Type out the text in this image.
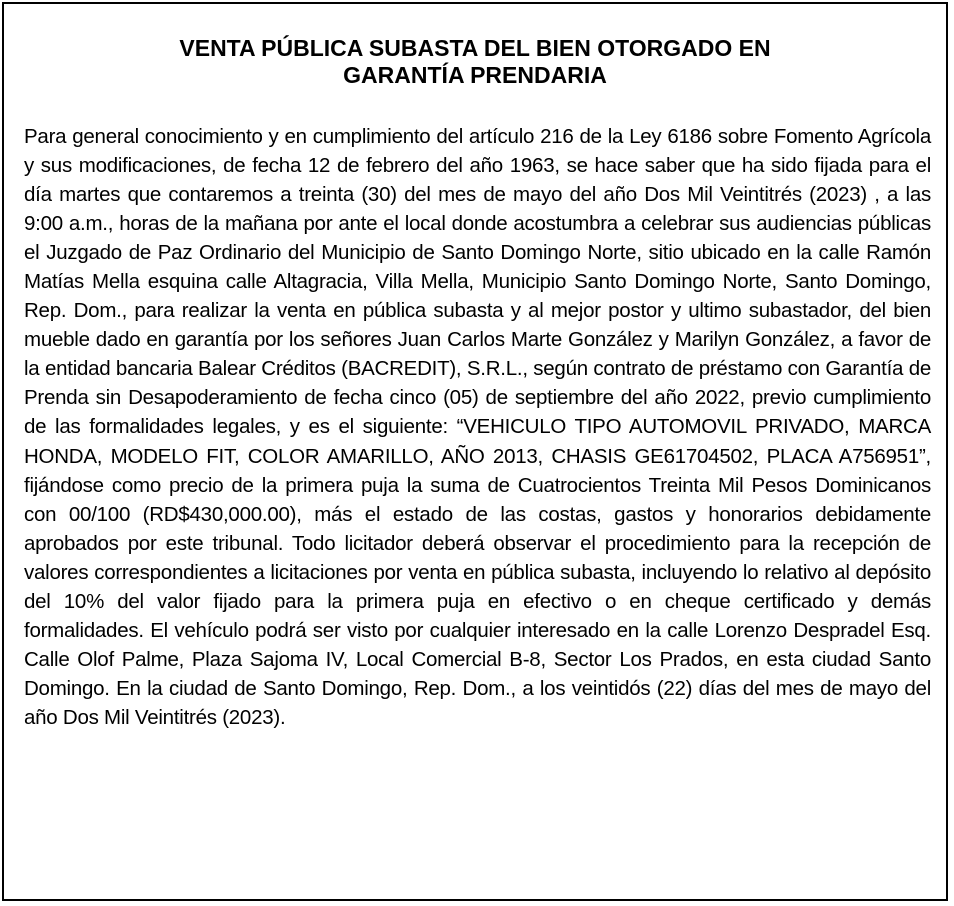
VENTA PÚBLICA SUBASTA DEL BIEN OTORGADO EN
GARANTÍA PRENDARIA

Para general conocimiento y en cumplimiento del artículo 216 de la Ley 6186 sobre Fomento Agrícola y sus modificaciones, de fecha 12 de febrero del año 1963, se hace saber que ha sido fijada para el día martes que contaremos a treinta (30) del mes de mayo del año Dos Mil Veintitrés (2023) , a las 9:00 a.m., horas de la mañana por ante el local donde acostumbra a celebrar sus audiencias públicas el Juzgado de Paz Ordinario del Municipio de Santo Domingo Norte, sitio ubicado en la calle Ramón Matías Mella esquina calle Altagracia, Villa Mella, Municipio Santo Domingo Norte, Santo Domingo, Rep. Dom., para realizar la venta en pública subasta y al mejor postor y ultimo subastador, del bien mueble dado en garantía por los señores Juan Carlos Marte González y Marilyn González, a favor de la entidad bancaria Balear Créditos (BACREDIT), S.R.L., según contrato de préstamo con Garantía de Prenda sin Desapoderamiento de fecha cinco (05) de septiembre del año 2022, previo cumplimiento de las formalidades legales, y es el siguiente: “VEHICULO TIPO AUTOMOVIL PRIVADO, MARCA HONDA, MODELO FIT, COLOR AMARILLO, AÑO 2013, CHASIS GE61704502, PLACA A756951”, fijándose como precio de la primera puja la suma de Cuatrocientos Treinta Mil Pesos Dominicanos con 00/100 (RD$430,000.00), más el estado de las costas, gastos y honorarios debidamente aprobados por este tribunal. Todo licitador deberá observar el procedimiento para la recepción de valores correspondientes a licitaciones por venta en pública subasta, incluyendo lo relativo al depósito del 10% del valor fijado para la primera puja en efectivo o en cheque certificado y demás formalidades. El vehículo podrá ser visto por cualquier interesado en la calle Lorenzo Despradel Esq. Calle Olof Palme, Plaza Sajoma IV, Local Comercial B-8, Sector Los Prados, en esta ciudad Santo Domingo. En la ciudad de Santo Domingo, Rep. Dom., a los veintidós (22) días del mes de mayo del año Dos Mil Veintitrés (2023).
